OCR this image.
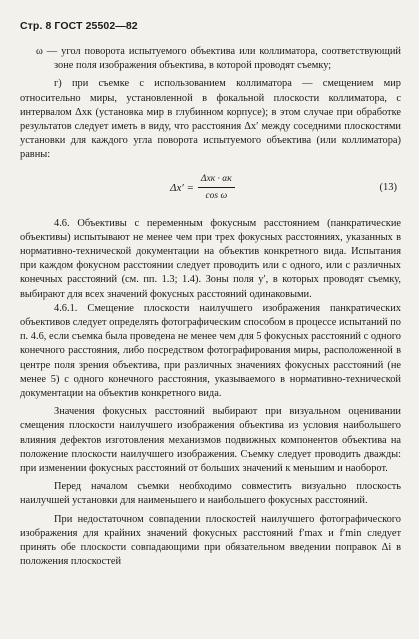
Стр. 8 ГОСТ 25502—82

ω — угол поворота испытуемого объектива или коллиматора, соответствующий зоне поля изображения объектива, в которой проводят съемку;

г) при съемке с использованием коллиматора — смещением мир относительно миры, установленной в фокальной плоскости коллиматора, с интервалом Δxк (установка мир в глубинном корпусе); в этом случае при обработке результатов следует иметь в виду, что расстояния Δx′ между соседними плоскостями установки для каждого угла поворота испытуемого объектива (или коллиматора) равны:

$\Delta x' = \frac{\text{Δxк · αк}}{\text{cos ω}}$	(13)

4.6. Объективы с переменным фокусным расстоянием (панкратические объективы) испытывают не менее чем при трех фокусных расстояниях, указанных в нормативно-технической документации на объектив конкретного вида. Испытания при каждом фокусном расстоянии следует проводить или с одного, или с различных конечных расстояний (см. пп. 1.3; 1.4). Зоны поля y′, в которых проводят съемку, выбирают для всех значений фокусных расстояний одинаковыми.

4.6.1. Смещение плоскости наилучшего изображения панкратических объективов следует определять фотографическим способом в процессе испытаний по п. 4.6, если съемка была проведена не менее чем для 5 фокусных расстояний с одного конечного расстояния, либо посредством фотографирования миры, расположенной в центре поля зрения объектива, при различных значениях фокусных расстояний (не менее 5) с одного конечного расстояния, указываемого в нормативно-технической документации на объектив конкретного вида.

Значения фокусных расстояний выбирают при визуальном оценивании смещения плоскости наилучшего изображения объектива из условия наибольшего влияния дефектов изготовления механизмов подвижных компонентов объектива на положение плоскости наилучшего изображения. Съемку следует проводить дважды: при изменении фокусных расстояний от больших значений к меньшим и наоборот.

Перед началом съемки необходимо совместить визуально плоскость наилучшей установки для наименьшего и наибольшего фокусных расстояний.

При недостаточном совпадении плоскостей наилучшего фотографического изображения для крайних значений фокусных расстояний f′max и f′min следует принять обе плоскости совпадающими при обязательном введении поправок Δi в положения плоскостей
